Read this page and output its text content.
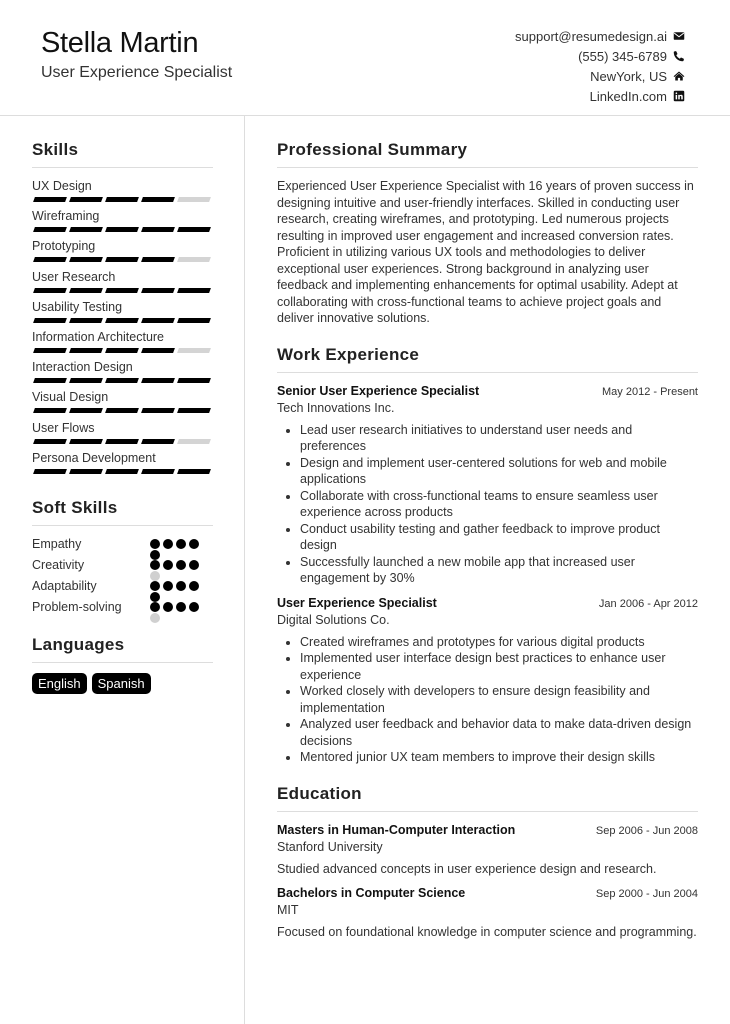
Stella Martin
User Experience Specialist
support@resumedesign.ai
(555) 345-6789
NewYork, US
LinkedIn.com
Skills
UX Design
Wireframing
Prototyping
User Research
Usability Testing
Information Architecture
Interaction Design
Visual Design
User Flows
Persona Development
Soft Skills
Empathy
Creativity
Adaptability
Problem-solving
Languages
English	Spanish
Professional Summary
Experienced User Experience Specialist with 16 years of proven success in designing intuitive and user-friendly interfaces. Skilled in conducting user research, creating wireframes, and prototyping. Led numerous projects resulting in improved user engagement and increased conversion rates. Proficient in utilizing various UX tools and methodologies to deliver exceptional user experiences. Strong background in analyzing user feedback and implementing enhancements for optimal usability. Adept at collaborating with cross-functional teams to achieve project goals and deliver innovative solutions.
Work Experience
Senior User Experience Specialist	May 2012 - Present
Tech Innovations Inc.
• Lead user research initiatives to understand user needs and preferences
• Design and implement user-centered solutions for web and mobile applications
• Collaborate with cross-functional teams to ensure seamless user experience across products
• Conduct usability testing and gather feedback to improve product design
• Successfully launched a new mobile app that increased user engagement by 30%
User Experience Specialist	Jan 2006 - Apr 2012
Digital Solutions Co.
• Created wireframes and prototypes for various digital products
• Implemented user interface design best practices to enhance user experience
• Worked closely with developers to ensure design feasibility and implementation
• Analyzed user feedback and behavior data to make data-driven design decisions
• Mentored junior UX team members to improve their design skills
Education
Masters in Human-Computer Interaction	Sep 2006 - Jun 2008
Stanford University
Studied advanced concepts in user experience design and research.
Bachelors in Computer Science	Sep 2000 - Jun 2004
MIT
Focused on foundational knowledge in computer science and programming.
